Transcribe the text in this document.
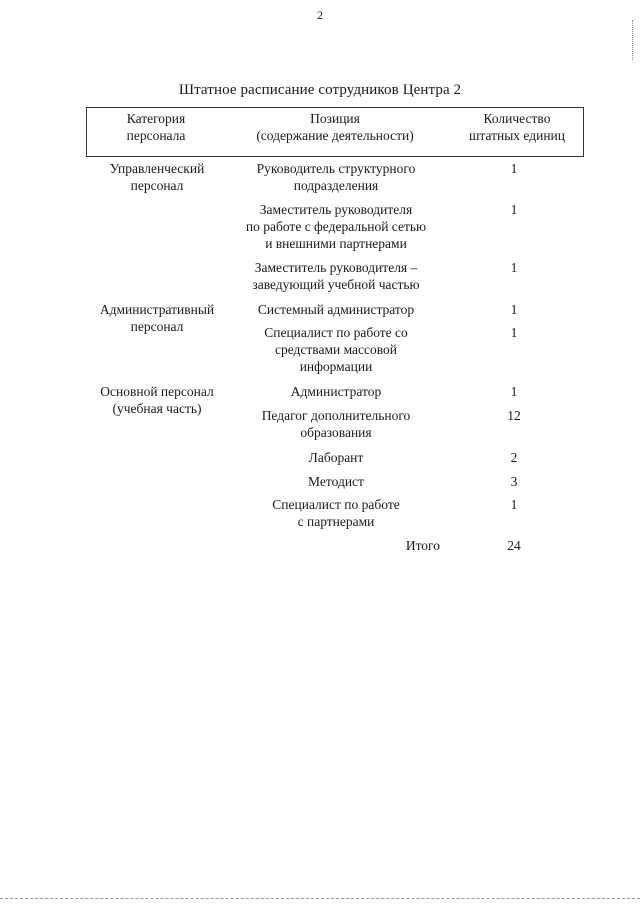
2
Штатное расписание сотрудников Центра 2
Категория
персонала
Позиция
(содержание деятельности)
Количество
штатных единиц
Управленческий
персонал
Административный
персонал
Основной персонал
(учебная часть)
Руководитель структурного
подразделения
Заместитель руководителя
по работе с федеральной сетью
и внешними партнерами
Заместитель руководителя –
заведующий учебной частью
Системный администратор
Специалист по работе со
средствами массовой
информации
Администратор
Педагог дополнительного
образования
Лаборант
Методист
Специалист по работе
с партнерами
1
1
1
1
1
1
12
2
3
1
Итого	24
